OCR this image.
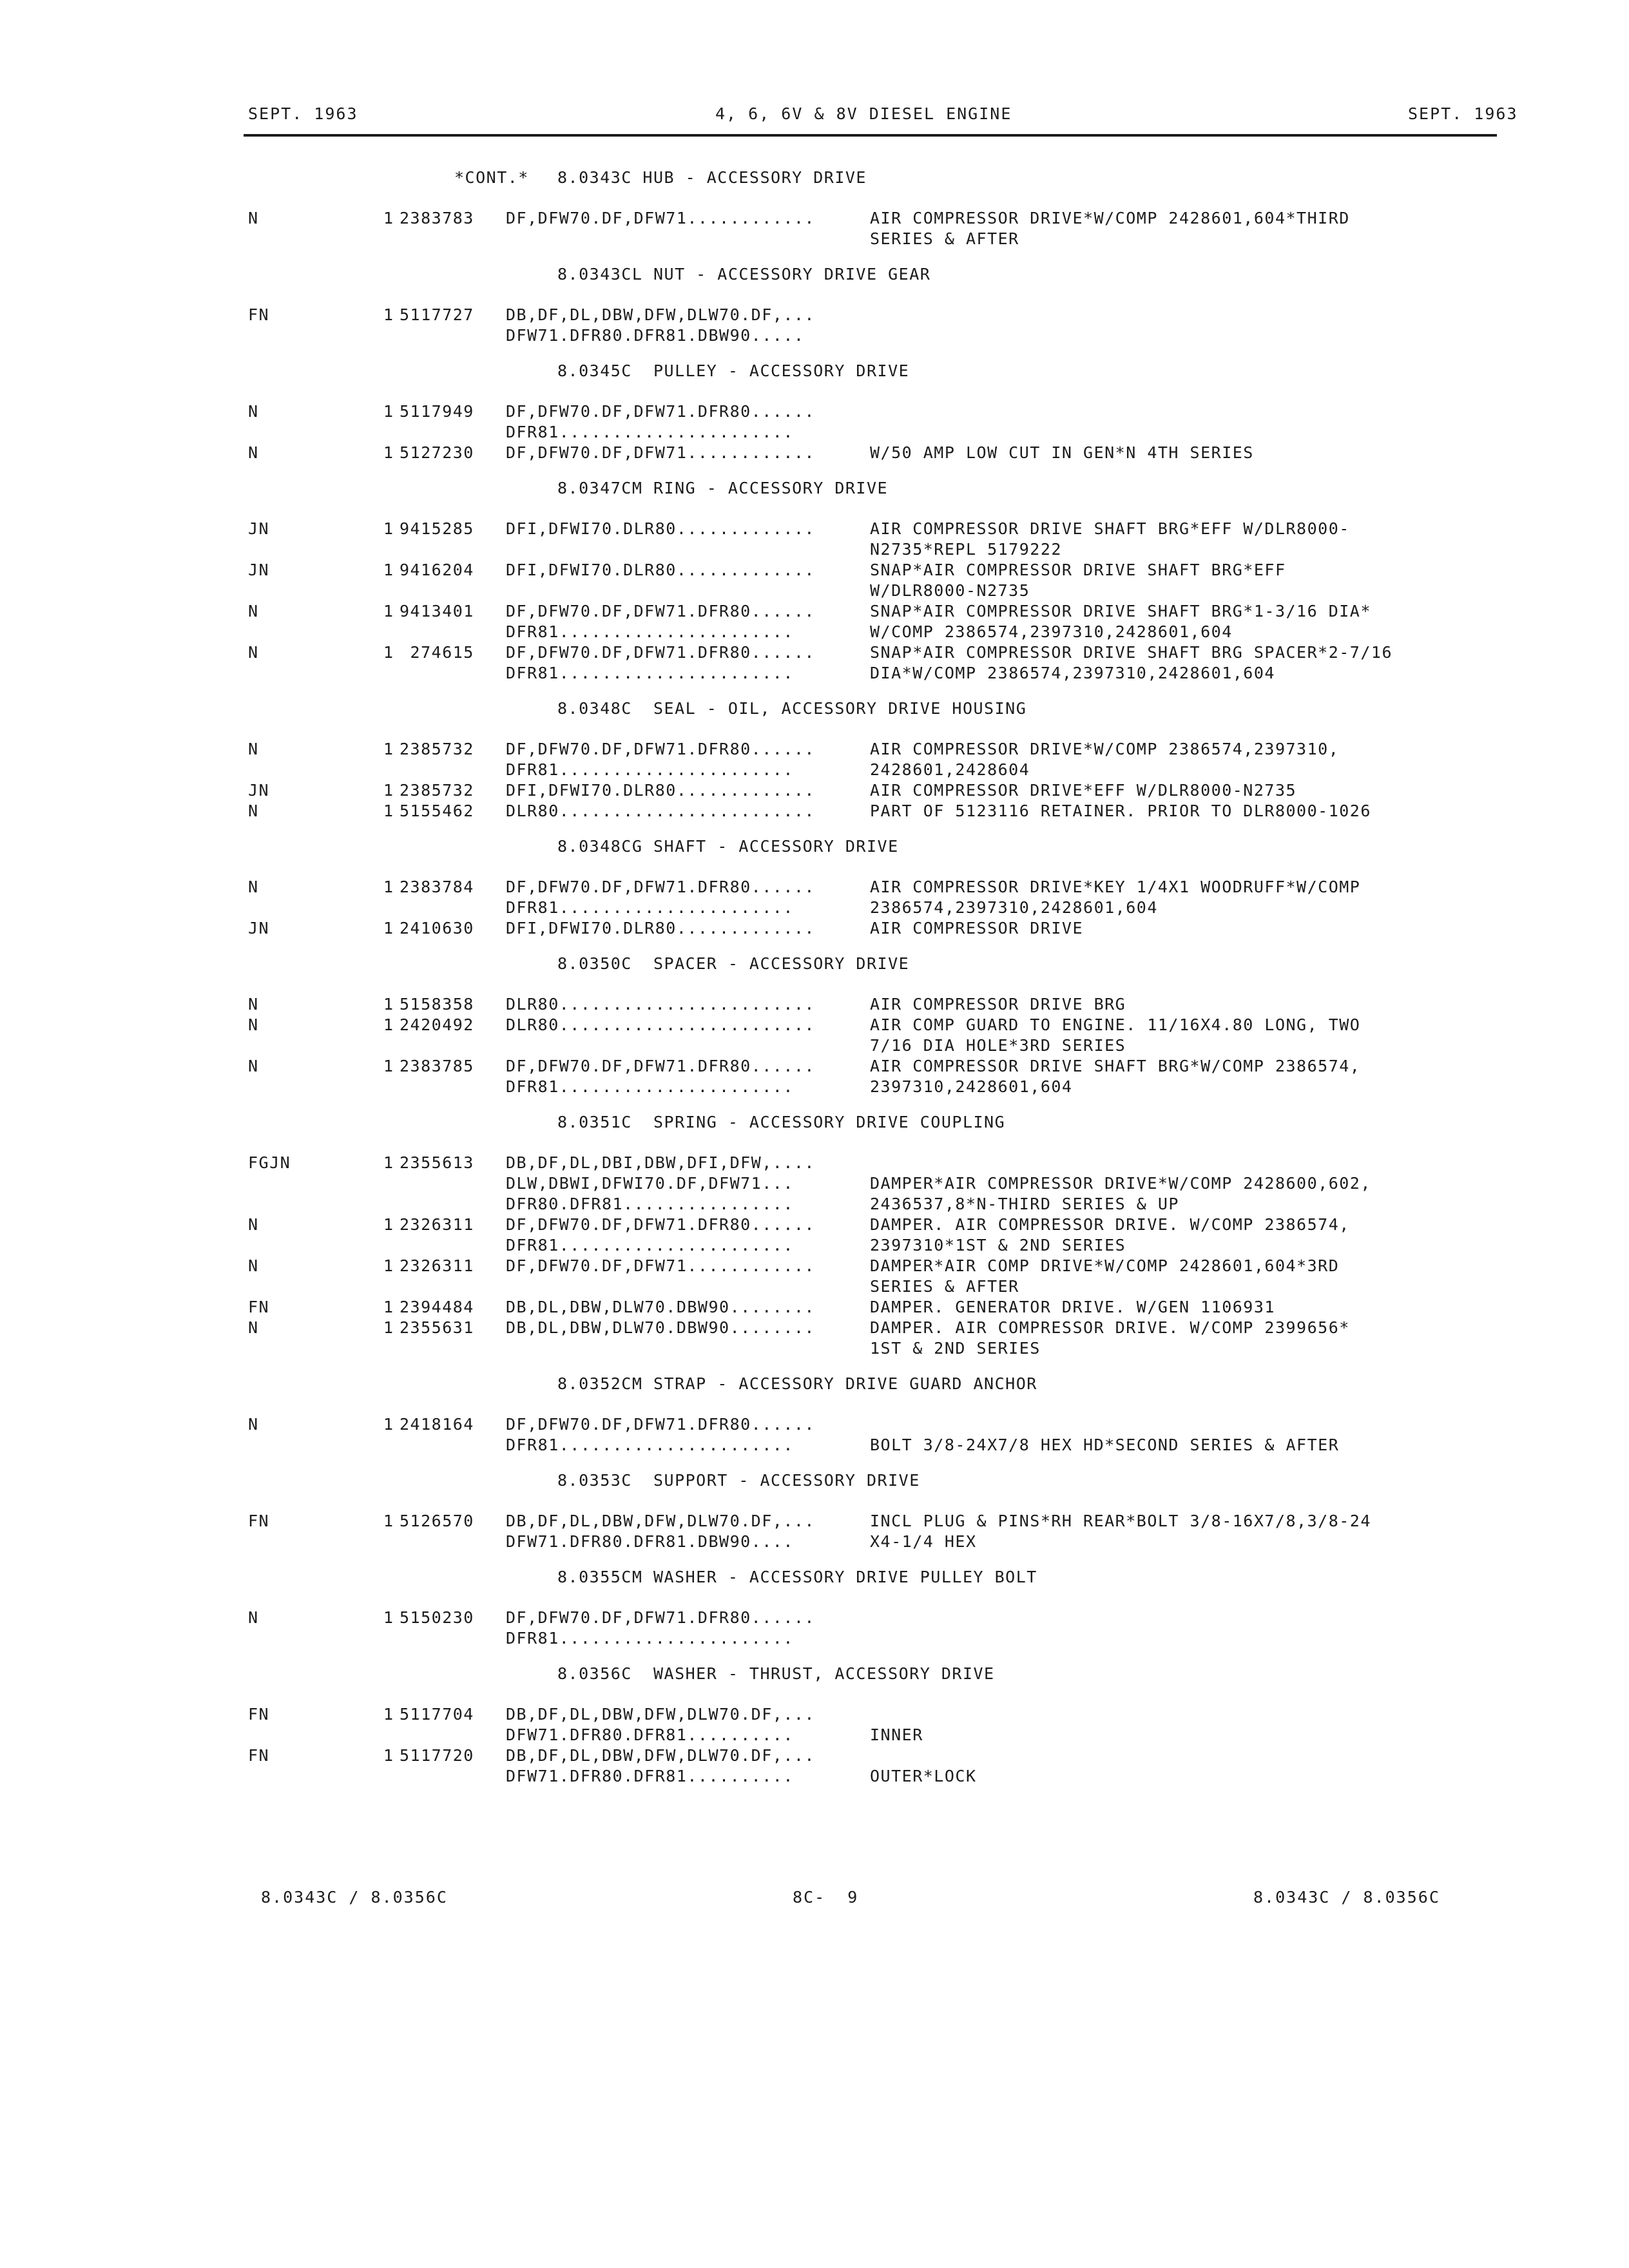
SEPT. 1963	4, 6, 6V & 8V DIESEL ENGINE	SEPT. 1963
*CONT.* 8.0343C HUB - ACCESSORY DRIVE
N	1 2383783 DF,DFW70.DF,DFW71............	AIR COMPRESSOR DRIVE*W/COMP 2428601,604*THIRD
SERIES & AFTER
8.0343CL NUT - ACCESSORY DRIVE GEAR
FN	1 5117727 DB,DF,DL,DBW,DFW,DLW70.DF,...
DFW71.DFR80.DFR81.DBW90.....
8.0345C  PULLEY - ACCESSORY DRIVE
N	1 5117949 DF,DFW70.DF,DFW71.DFR80......
DFR81......................
N	1 5127230 DF,DFW70.DF,DFW71............	W/50 AMP LOW CUT IN GEN*N 4TH SERIES
8.0347CM RING - ACCESSORY DRIVE
JN	1 9415285 DFI,DFWI70.DLR80.............	AIR COMPRESSOR DRIVE SHAFT BRG*EFF W/DLR8000-
N2735*REPL 5179222
JN	1 9416204 DFI,DFWI70.DLR80.............	SNAP*AIR COMPRESSOR DRIVE SHAFT BRG*EFF
W/DLR8000-N2735
N	1 9413401 DF,DFW70.DF,DFW71.DFR80......	SNAP*AIR COMPRESSOR DRIVE SHAFT BRG*1-3/16 DIA*
DFR81......................	W/COMP 2386574,2397310,2428601,604
N	1 274615 DF,DFW70.DF,DFW71.DFR80......	SNAP*AIR COMPRESSOR DRIVE SHAFT BRG SPACER*2-7/16
DFR81......................	DIA*W/COMP 2386574,2397310,2428601,604
8.0348C  SEAL - OIL, ACCESSORY DRIVE HOUSING
N	1 2385732 DF,DFW70.DF,DFW71.DFR80......	AIR COMPRESSOR DRIVE*W/COMP 2386574,2397310,
DFR81......................	2428601,2428604
JN	1 2385732 DFI,DFWI70.DLR80.............	AIR COMPRESSOR DRIVE*EFF W/DLR8000-N2735
N	1 5155462 DLR80........................	PART OF 5123116 RETAINER. PRIOR TO DLR8000-1026
8.0348CG SHAFT - ACCESSORY DRIVE
N	1 2383784 DF,DFW70.DF,DFW71.DFR80......	AIR COMPRESSOR DRIVE*KEY 1/4X1 WOODRUFF*W/COMP
DFR81......................	2386574,2397310,2428601,604
JN	1 2410630 DFI,DFWI70.DLR80.............	AIR COMPRESSOR DRIVE
8.0350C  SPACER - ACCESSORY DRIVE
N	1 5158358 DLR80........................	AIR COMPRESSOR DRIVE BRG
N	1 2420492 DLR80........................	AIR COMP GUARD TO ENGINE. 11/16X4.80 LONG, TWO
7/16 DIA HOLE*3RD SERIES
N	1 2383785 DF,DFW70.DF,DFW71.DFR80......	AIR COMPRESSOR DRIVE SHAFT BRG*W/COMP 2386574,
DFR81......................	2397310,2428601,604
8.0351C  SPRING - ACCESSORY DRIVE COUPLING
FGJN	1 2355613 DB,DF,DL,DBI,DBW,DFI,DFW,....
DLW,DBWI,DFWI70.DF,DFW71...	DAMPER*AIR COMPRESSOR DRIVE*W/COMP 2428600,602,
DFR80.DFR81................	2436537,8*N-THIRD SERIES & UP
N	1 2326311 DF,DFW70.DF,DFW71.DFR80......	DAMPER. AIR COMPRESSOR DRIVE. W/COMP 2386574,
DFR81......................	2397310*1ST & 2ND SERIES
N	1 2326311 DF,DFW70.DF,DFW71............	DAMPER*AIR COMP DRIVE*W/COMP 2428601,604*3RD
SERIES & AFTER
FN	1 2394484 DB,DL,DBW,DLW70.DBW90........	DAMPER. GENERATOR DRIVE. W/GEN 1106931
N	1 2355631 DB,DL,DBW,DLW70.DBW90........	DAMPER. AIR COMPRESSOR DRIVE. W/COMP 2399656*
1ST & 2ND SERIES
8.0352CM STRAP - ACCESSORY DRIVE GUARD ANCHOR
N	1 2418164 DF,DFW70.DF,DFW71.DFR80......
DFR81......................	BOLT 3/8-24X7/8 HEX HD*SECOND SERIES & AFTER
8.0353C  SUPPORT - ACCESSORY DRIVE
FN	1 5126570 DB,DF,DL,DBW,DFW,DLW70.DF,...	INCL PLUG & PINS*RH REAR*BOLT 3/8-16X7/8,3/8-24
DFW71.DFR80.DFR81.DBW90....	X4-1/4 HEX
8.0355CM WASHER - ACCESSORY DRIVE PULLEY BOLT
N	1 5150230 DF,DFW70.DF,DFW71.DFR80......
DFR81......................
8.0356C  WASHER - THRUST, ACCESSORY DRIVE
FN	1 5117704 DB,DF,DL,DBW,DFW,DLW70.DF,...
DFW71.DFR80.DFR81..........	INNER
FN	1 5117720 DB,DF,DL,DBW,DFW,DLW70.DF,...
DFW71.DFR80.DFR81..........	OUTER*LOCK
8.0343C / 8.0356C	8C-  9	8.0343C / 8.0356C
